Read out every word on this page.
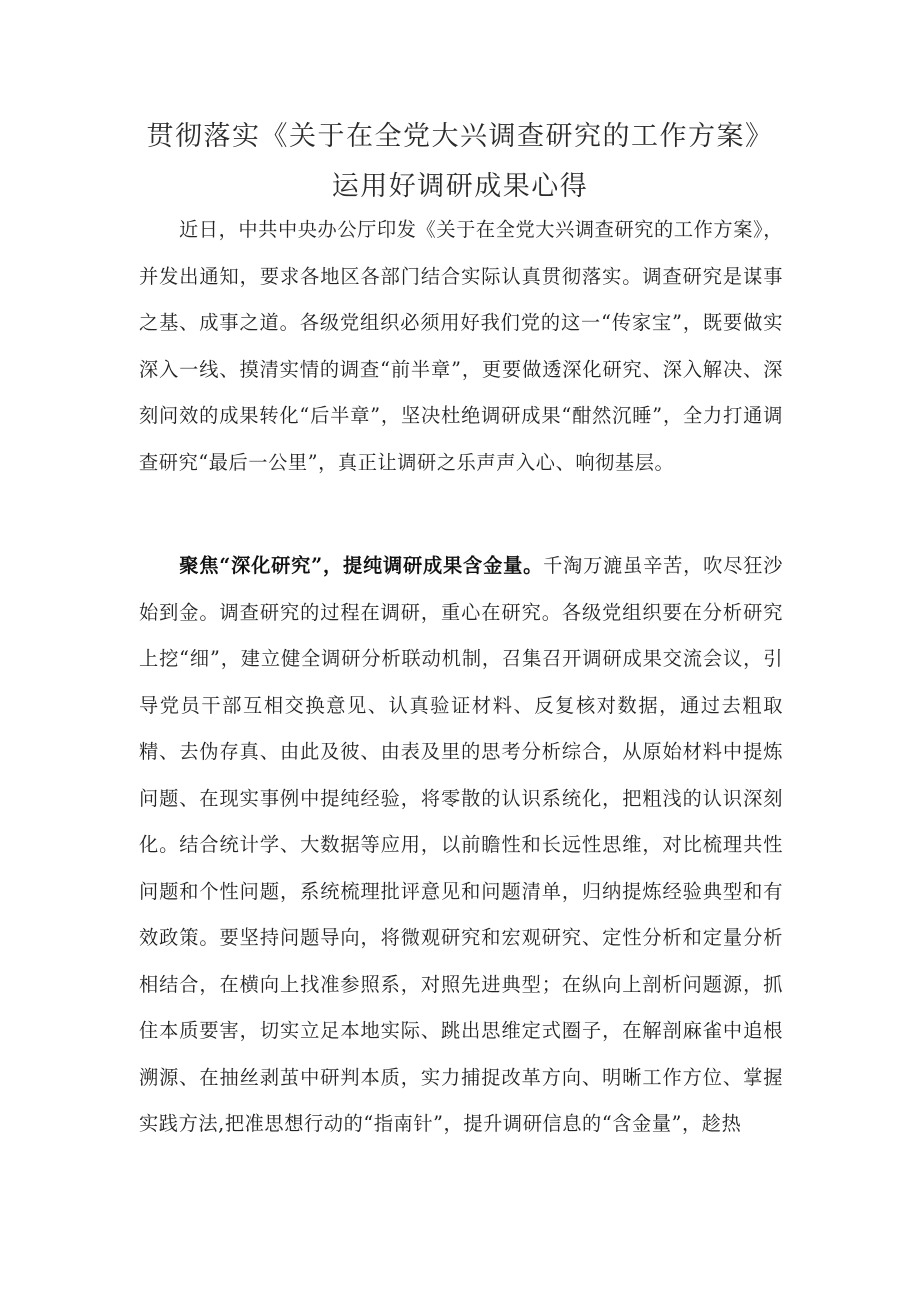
贯彻落实《关于在全党大兴调查研究的工作方案》
运用好调研成果心得
近日，中共中央办公厅印发《关于在全党大兴调查研究的工作方案》，并发出通知，要求各地区各部门结合实际认真贯彻落实。调查研究是谋事之基、成事之道。各级党组织必须用好我们党的这一“传家宝”，既要做实深入一线、摸清实情的调查“前半章”，更要做透深化研究、深入解决、深刻问效的成果转化“后半章”，坚决杜绝调研成果“酣然沉睡”，全力打通调查研究“最后一公里”，真正让调研之乐声声入心、响彻基层。
聚焦“深化研究”，提纯调研成果含金量。千淘万漉虽辛苦，吹尽狂沙始到金。调查研究的过程在调研，重心在研究。各级党组织要在分析研究上挖“细”，建立健全调研分析联动机制，召集召开调研成果交流会议，引导党员干部互相交换意见、认真验证材料、反复核对数据，通过去粗取精、去伪存真、由此及彼、由表及里的思考分析综合，从原始材料中提炼问题、在现实事例中提纯经验，将零散的认识系统化，把粗浅的认识深刻化。结合统计学、大数据等应用，以前瞻性和长远性思维，对比梳理共性问题和个性问题，系统梳理批评意见和问题清单，归纳提炼经验典型和有效政策。要坚持问题导向，将微观研究和宏观研究、定性分析和定量分析相结合，在横向上找准参照系，对照先进典型；在纵向上剖析问题源，抓住本质要害，切实立足本地实际、跳出思维定式圈子，在解剖麻雀中追根溯源、在抽丝剥茧中研判本质，实力捕捉改革方向、明晰工作方位、掌握实践方法,把准思想行动的“指南针”，提升调研信息的“含金量”，趁热
